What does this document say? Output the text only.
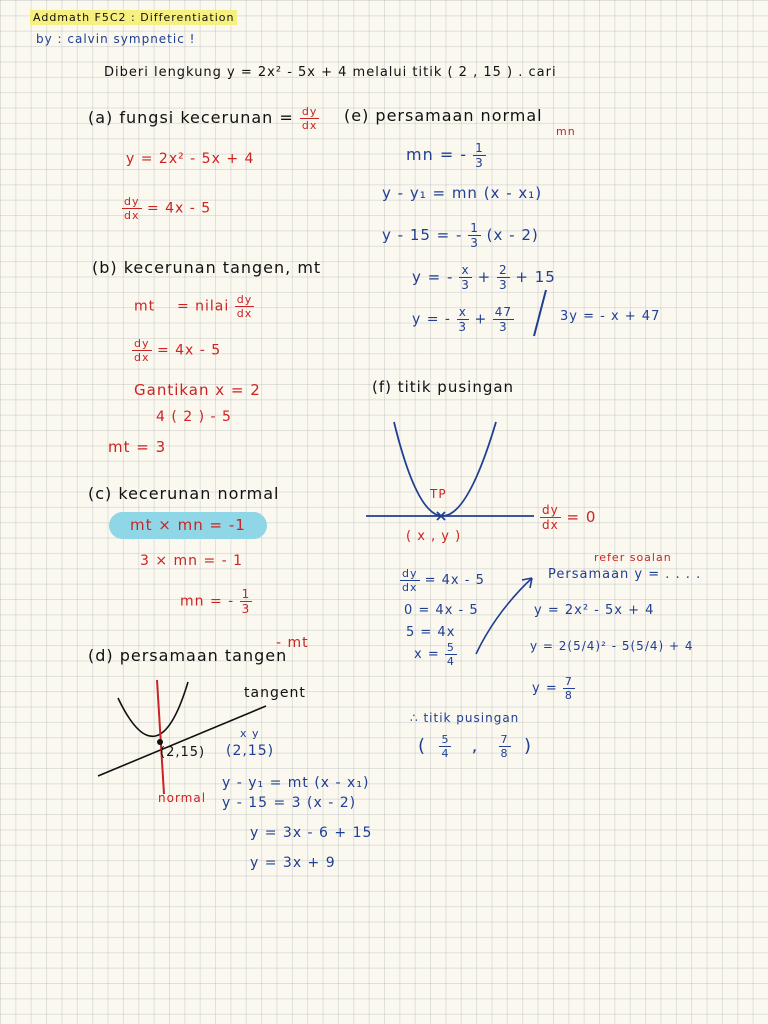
Addmath F5C2 : Differentiation
by : calvin sympnetic !
Diberi lengkung y = 2x² - 5x + 4 melalui titik ( 2 , 15 ) . cari
(a) fungsi kecerunan = $\frac{dy}{dx}$
y = 2x² - 5x + 4
$\frac{dy}{dx} = 4x - 5$
(b) kecerunan tangen, mt
mt = nilai $\frac{dy}{dx}$
$\frac{dy}{dx} = 4x - 5$
Gantikan x = 2
4 ( 2 ) - 5
mt = 3
(c) kecerunan normal
mt × mn = -1
3 × mn = - 1
mn = - $\frac{1}{3}$
(d) persamaan tangen
- mt
tangent
normal
(2,15)
x y
(2,15)
y - y₁ = mt (x - x₁)
y - 15 = 3 (x - 2)
y = 3x - 6 + 15
y = 3x + 9
(e) persamaan normal
mn
mn = - $\frac{1}{3}$
y - y₁ = mn (x - x₁)
y - 15 = - $\frac{1}{3} (x - 2)$
y = - $\frac{x}{3} + \frac{2}{3} + 15$
y = - $\frac{x}{3} + \frac{47}{3}$	3y = - x + 47
(f) titik pusingan
TP
$\frac{dy}{dx} = 0$
( x , y )
$\frac{dy}{dx} = 4x - 5$
0 = 4x - 5
5 = 4x
$x = \frac{5}{4}$
refer soalan
Persamaan y = . . . .
y = 2x² - 5x + 4
y = 2(5/4)² - 5(5/4) + 4
$y = \frac{7}{8}$
∴ titik pusingan
( $\frac{5}{4}$ , $\frac{7}{8}$ )
